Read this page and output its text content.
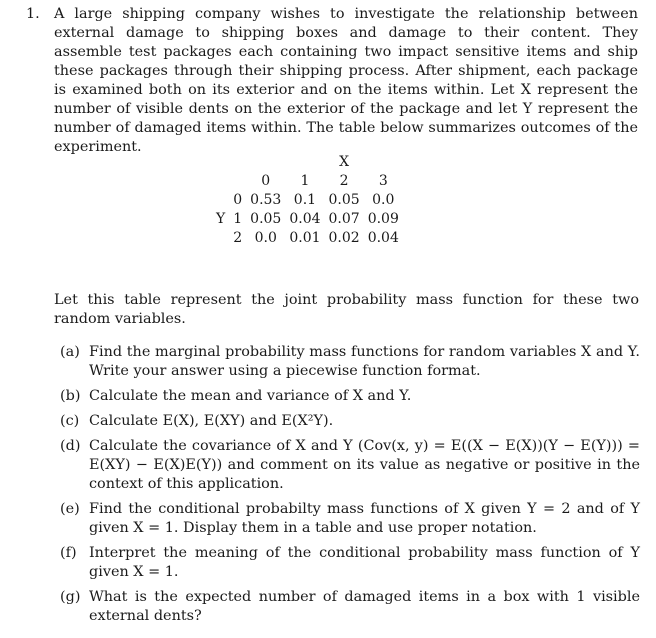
1. A large shipping company wishes to investigate the relationship between external damage to shipping boxes and damage to their content. They assemble test packages each containing two impact sensitive items and ship these packages through their shipping process. After shipment, each package is examined both on its exterior and on the items within. Let X represent the number of visible dents on the exterior of the package and let Y represent the number of damaged items within. The table below summarizes outcomes of the experiment.
				X	
		0	1	2	3
	0	0.53	0.1	0.05	0.0
Y	1	0.05	0.04	0.07	0.09
	2	0.0	0.01	0.02	0.04
Let this table represent the joint probability mass function for these two random variables.
(a) Find the marginal probability mass functions for random variables X and Y. Write your answer using a piecewise function format.
(b) Calculate the mean and variance of X and Y.
(c) Calculate E(X), E(XY) and E(X²Y).
(d) Calculate the covariance of X and Y (Cov(x, y) = E((X − E(X))(Y − E(Y))) = E(XY) − E(X)E(Y)) and comment on its value as negative or positive in the context of this application.
(e) Find the conditional probabilty mass functions of X given Y = 2 and of Y given X = 1. Display them in a table and use proper notation.
(f) Interpret the meaning of the conditional probability mass function of Y given X = 1.
(g) What is the expected number of damaged items in a box with 1 visible external dents?
